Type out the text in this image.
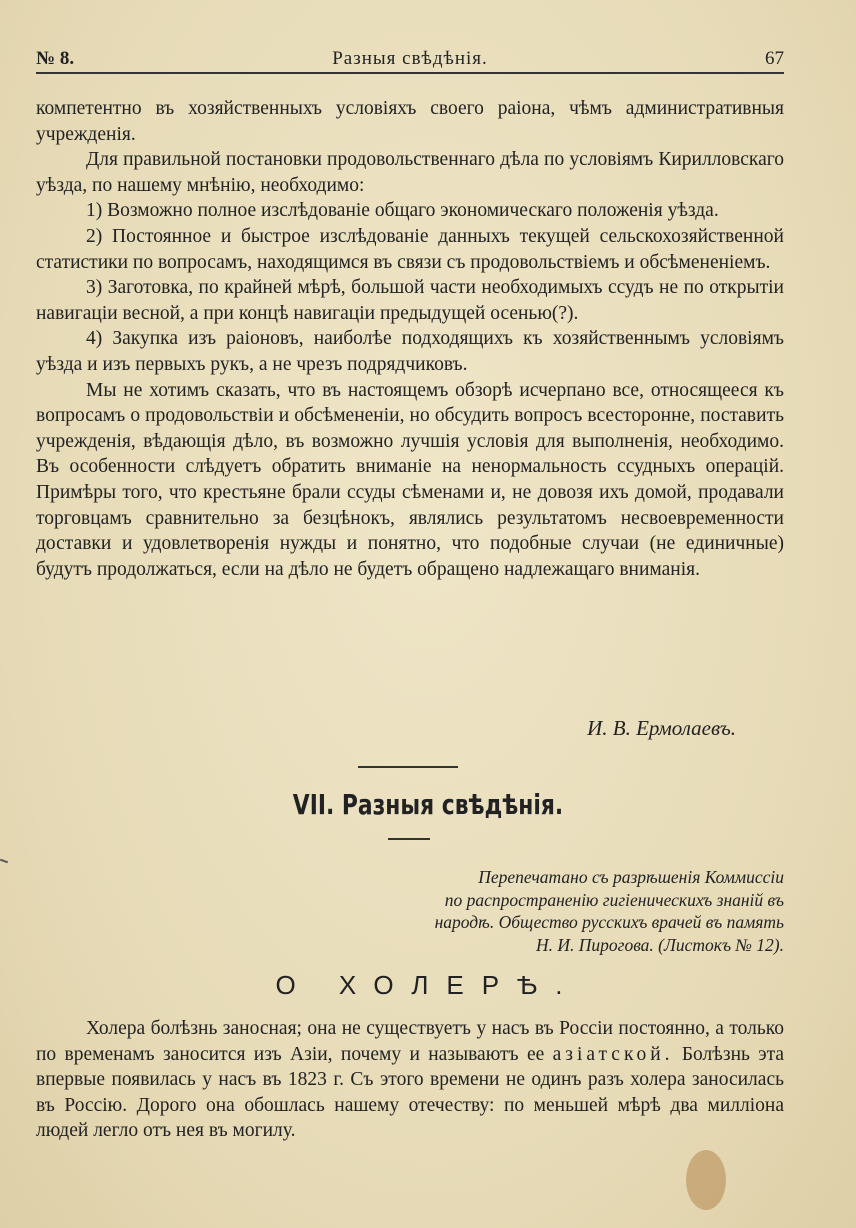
№ 8.	Разныя свѣдѣнія.	67

компетентно въ хозяйственныхъ условіяхъ своего раіона, чѣмъ административныя учрежденія.

Для правильной постановки продовольственнаго дѣла по условіямъ Кирилловскаго уѣзда, по нашему мнѣнію, необходимо:

1) Возможно полное изслѣдованіе общаго экономическаго положенія уѣзда.

2) Постоянное и быстрое изслѣдованіе данныхъ текущей сельскохозяйственной статистики по вопросамъ, находящимся въ связи съ продовольствіемъ и обсѣмененіемъ.

3) Заготовка, по крайней мѣрѣ, большой части необходимыхъ ссудъ не по открытіи навигаціи весной, а при концѣ навигаціи предыдущей осенью(?).

4) Закупка изъ раіоновъ, наиболѣе подходящихъ къ хозяйственнымъ условіямъ уѣзда и изъ первыхъ рукъ, а не чрезъ подрядчиковъ.

Мы не хотимъ сказать, что въ настоящемъ обзорѣ исчерпано все, относящееся къ вопросамъ о продовольствіи и обсѣмененіи, но обсудить вопросъ всесторонне, поставить учрежденія, вѣдающія дѣло, въ возможно лучшія условія для выполненія, необходимо. Въ особенности слѣдуетъ обратить вниманіе на ненормальность ссудныхъ операцій. Примѣры того, что крестьяне брали ссуды сѣменами и, не довозя ихъ домой, продавали торговцамъ сравнительно за безцѣнокъ, являлись результатомъ несвоевременности доставки и удовлетворенія нужды и понятно, что подобные случаи (не единичные) будутъ продолжаться, если на дѣло не будетъ обращено надлежащаго вниманія.

И. В. Ермолаевъ.
VII. Разныя свѣдѣнія.
Перепечатано съ разрѣшенія Коммиссіи
по распространенію гигіеническихъ знаній въ
народѣ. Общество русскихъ врачей въ память
Н. И. Пирогова. (Листокъ № 12).
О ХОЛЕРѢ.

Холера болѣзнь заносная; она не существуетъ у насъ въ Россіи постоянно, а только по временамъ заносится изъ Азіи, почему и называютъ ее азіатской. Болѣзнь эта впервые появилась у насъ въ 1823 г. Съ этого времени не одинъ разъ холера заносилась въ Россію. Дорого она обошлась нашему отечеству: по меньшей мѣрѣ два милліона людей легло отъ нея въ могилу.
